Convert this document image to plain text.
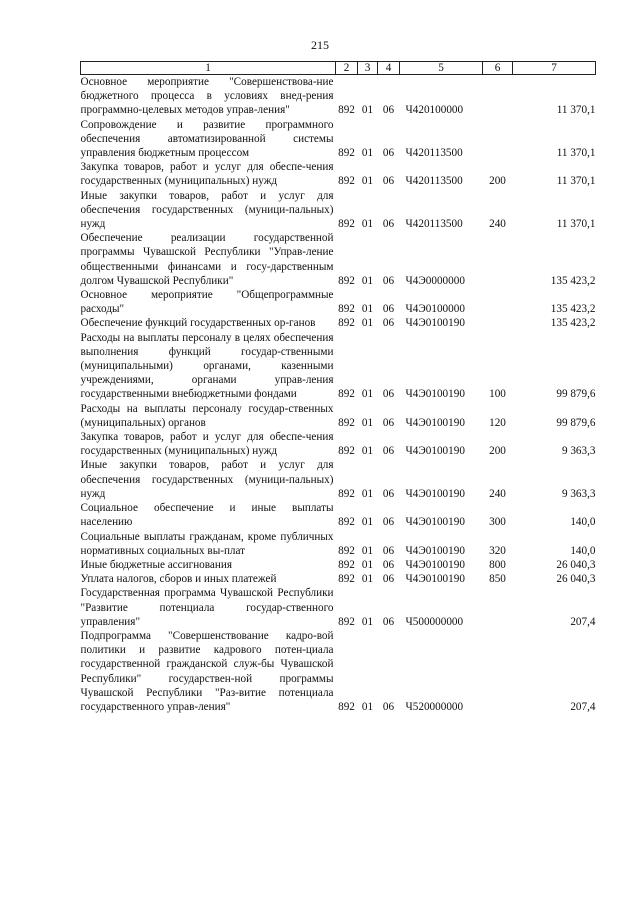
215
1	2	3	4	5	6	7
Основное мероприятие "Совершенствова-ние бюджетного процесса в условиях внед-рения программно-целевых методов управ-ления"	892	01	06	Ч420100000		11 370,1
Сопровождение и развитие программного обеспечения автоматизированной системы управления бюджетным процессом	892	01	06	Ч420113500		11 370,1
Закупка товаров, работ и услуг для обеспе-чения государственных (муниципальных) нужд	892	01	06	Ч420113500	200	11 370,1
Иные закупки товаров, работ и услуг для обеспечения государственных (муници-пальных) нужд	892	01	06	Ч420113500	240	11 370,1
Обеспечение реализации государственной программы Чувашской Республики "Управ-ление общественными финансами и госу-дарственным долгом Чувашской Республики"	892	01	06	Ч4Э0000000		135 423,2
Основное мероприятие "Общепрограммные расходы"	892	01	06	Ч4Э0100000		135 423,2
Обеспечение функций государственных ор-ганов	892	01	06	Ч4Э0100190		135 423,2
Расходы на выплаты персоналу в целях обеспечения выполнения функций государ-ственными (муниципальными) органами, казенными учреждениями, органами управ-ления государственными внебюджетными фондами	892	01	06	Ч4Э0100190	100	99 879,6
Расходы на выплаты персоналу государ-ственных (муниципальных) органов	892	01	06	Ч4Э0100190	120	99 879,6
Закупка товаров, работ и услуг для обеспе-чения государственных (муниципальных) нужд	892	01	06	Ч4Э0100190	200	9 363,3
Иные закупки товаров, работ и услуг для обеспечения государственных (муници-пальных) нужд	892	01	06	Ч4Э0100190	240	9 363,3
Социальное обеспечение и иные выплаты населению	892	01	06	Ч4Э0100190	300	140,0
Социальные выплаты гражданам, кроме публичных нормативных социальных вы-плат	892	01	06	Ч4Э0100190	320	140,0
Иные бюджетные ассигнования	892	01	06	Ч4Э0100190	800	26 040,3
Уплата налогов, сборов и иных платежей	892	01	06	Ч4Э0100190	850	26 040,3
Государственная программа Чувашской Республики "Развитие потенциала государ-ственного управления"	892	01	06	Ч500000000		207,4
Подпрограмма "Совершенствование кадро-вой политики и развитие кадрового потен-циала государственной гражданской служ-бы Чувашской Республики" государствен-ной программы Чувашской Республики "Раз-витие потенциала государственного управ-ления"	892	01	06	Ч520000000		207,4
